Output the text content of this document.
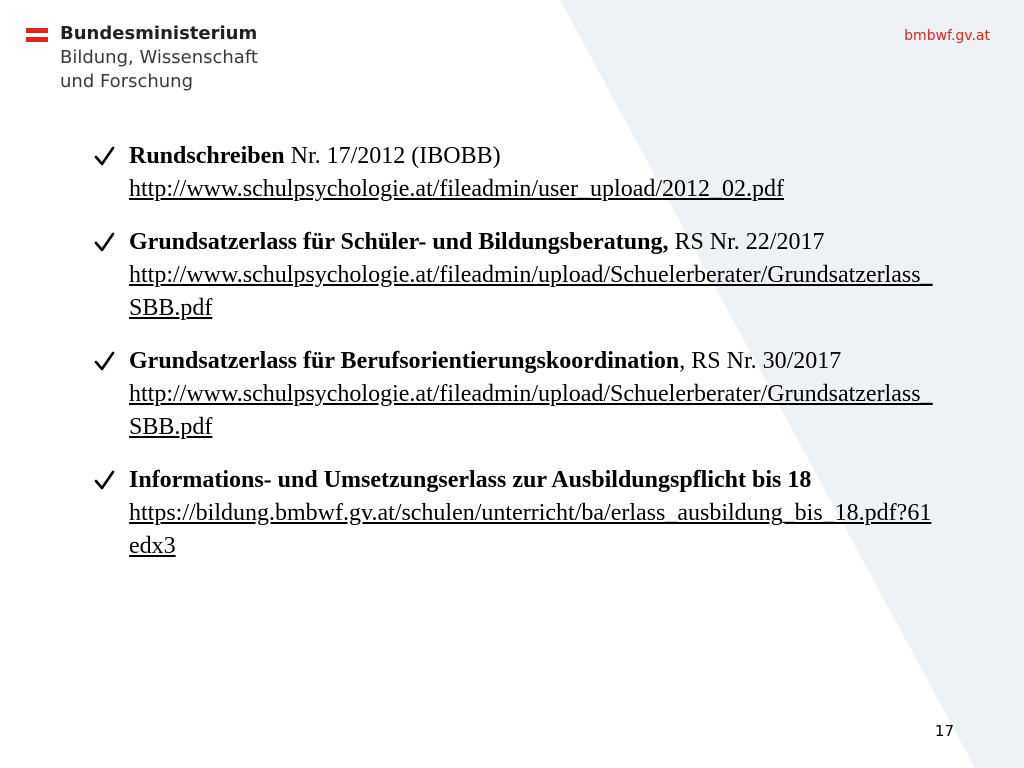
Bundesministerium
Bildung, Wissenschaft
und Forschung
bmbwf.gv.at
Rundschreiben Nr. 17/2012 (IBOBB)
http://www.schulpsychologie.at/fileadmin/user_upload/2012_02.pdf
Grundsatzerlass für Schüler- und Bildungsberatung, RS Nr. 22/2017
http://www.schulpsychologie.at/fileadmin/upload/Schuelerberater/Grundsatzerlass_SBB.pdf
Grundsatzerlass für Berufsorientierungskoordination, RS Nr. 30/2017
http://www.schulpsychologie.at/fileadmin/upload/Schuelerberater/Grundsatzerlass_SBB.pdf
Informations- und Umsetzungserlass zur Ausbildungspflicht bis 18
https://bildung.bmbwf.gv.at/schulen/unterricht/ba/erlass_ausbildung_bis_18.pdf?61edx3
17
